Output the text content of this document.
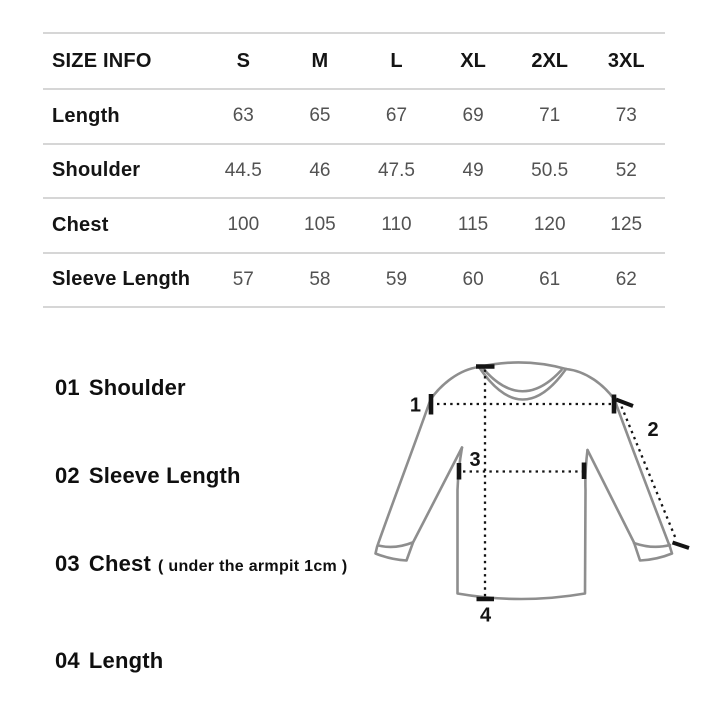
SIZE INFO	S	M	L	XL	2XL	3XL
Length	63	65	67	69	71	73
Shoulder	44.5	46	47.5	49	50.5	52
Chest	100	105	110	115	120	125
Sleeve Length	57	58	59	60	61	62
01 Shoulder
02 Sleeve Length
03 Chest ( under the armpit 1cm )
04 Length
1
2
3
4
